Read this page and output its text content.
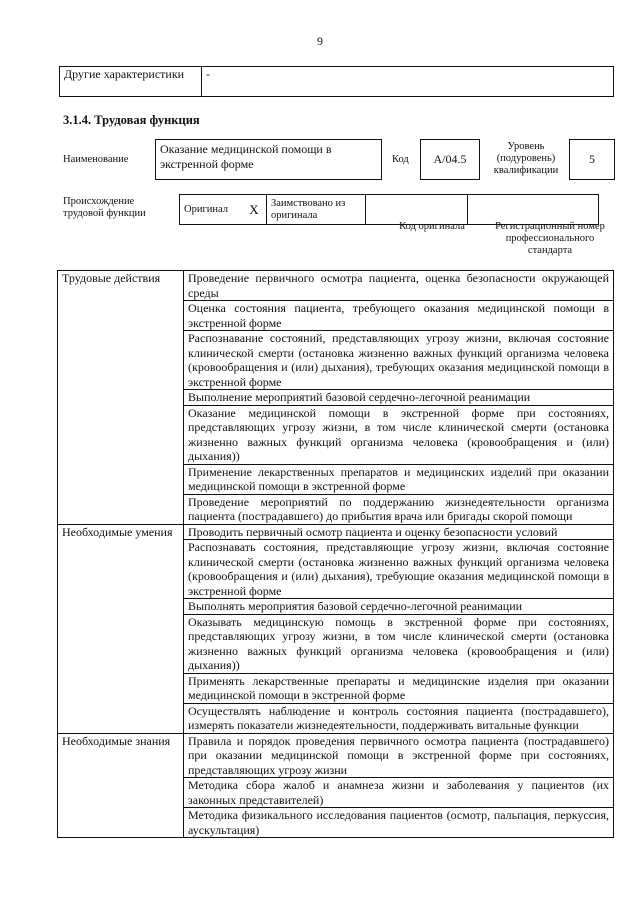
9
Другие характеристики	-
3.1.4. Трудовая функция
Наименование
Оказание медицинской помощи в экстренной форме	Код	A/04.5
Уровень (подуровень) квалификации
5
Происхождение трудовой функции	Оригинал	X	Заимствовано из оригинала		
Код оригинала	Регистрационный номер профессионального стандарта
Трудовые действия	Проведение первичного осмотра пациента, оценка безопасности окружающей среды
	Оценка состояния пациента, требующего оказания медицинской помощи в экстренной форме
	Распознавание состояний, представляющих угрозу жизни, включая состояние клинической смерти (остановка жизненно важных функций организма человека (кровообращения и (или) дыхания), требующих оказания медицинской помощи в экстренной форме
	Выполнение мероприятий базовой сердечно-легочной реанимации
	Оказание медицинской помощи в экстренной форме при состояниях, представляющих угрозу жизни, в том числе клинической смерти (остановка жизненно важных функций организма человека (кровообращения и (или) дыхания))
	Применение лекарственных препаратов и медицинских изделий при оказании медицинской помощи в экстренной форме
	Проведение мероприятий по поддержанию жизнедеятельности организма пациента (пострадавшего) до прибытия врача или бригады скорой помощи
Необходимые умения	Проводить первичный осмотр пациента и оценку безопасности условий
	Распознавать состояния, представляющие угрозу жизни, включая состояние клинической смерти (остановка жизненно важных функций организма человека (кровообращения и (или) дыхания), требующие оказания медицинской помощи в экстренной форме
	Выполнять мероприятия базовой сердечно-легочной реанимации
	Оказывать медицинскую помощь в экстренной форме при состояниях, представляющих угрозу жизни, в том числе клинической смерти (остановка жизненно важных функций организма человека (кровообращения и (или) дыхания))
	Применять лекарственные препараты и медицинские изделия при оказании медицинской помощи в экстренной форме
	Осуществлять наблюдение и контроль состояния пациента (пострадавшего), измерять показатели жизнедеятельности, поддерживать витальные функции
Необходимые знания	Правила и порядок проведения первичного осмотра пациента (пострадавшего) при оказании медицинской помощи в экстренной форме при состояниях, представляющих угрозу жизни
	Методика сбора жалоб и анамнеза жизни и заболевания у пациентов (их законных представителей)
	Методика физикального исследования пациентов (осмотр, пальпация, перкуссия, аускультация)
